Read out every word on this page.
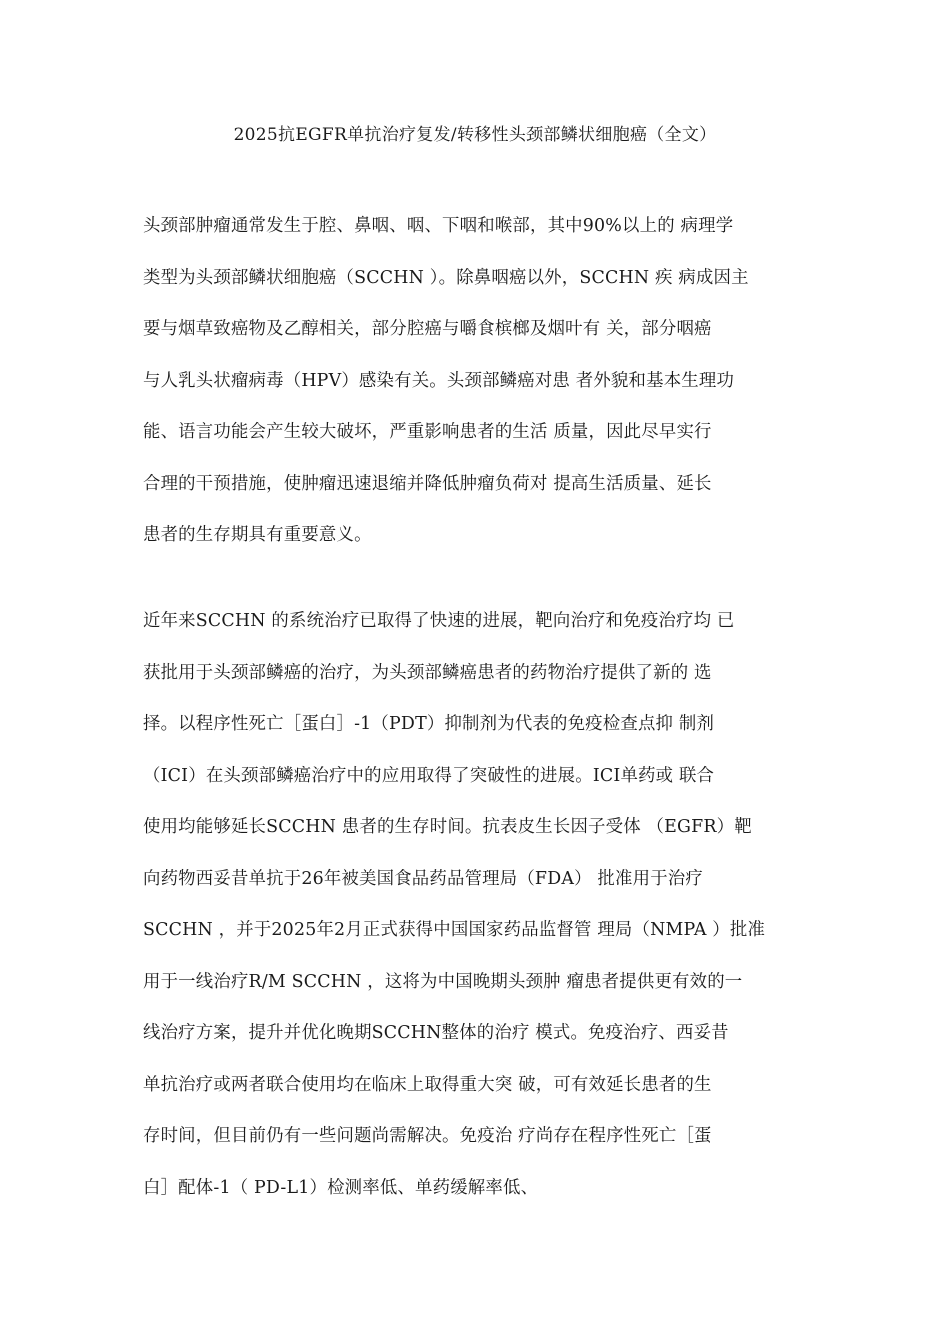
2025抗EGFR单抗治疗复发/转移性头颈部鳞状细胞癌（全文）
头颈部肿瘤通常发生于腔、鼻咽、咽、下咽和喉部，其中90%以上的 病理学
类型为头颈部鳞状细胞癌（SCCHN ）。除鼻咽癌以外，SCCHN 疾 病成因主
要与烟草致癌物及乙醇相关，部分腔癌与嚼食槟榔及烟叶有 关，部分咽癌
与人乳头状瘤病毒（HPV）感染有关。头颈部鳞癌对患 者外貌和基本生理功
能、语言功能会产生较大破坏，严重影响患者的生活 质量，因此尽早实行
合理的干预措施，使肿瘤迅速退缩并降低肿瘤负荷对 提高生活质量、延长
患者的生存期具有重要意义。
近年来SCCHN 的系统治疗已取得了快速的进展，靶向治疗和免疫治疗均 已
获批用于头颈部鳞癌的治疗，为头颈部鳞癌患者的药物治疗提供了新的 选
择。以程序性死亡［蛋白］-1（PDT）抑制剂为代表的免疫检查点抑 制剂
（ICI）在头颈部鳞癌治疗中的应用取得了突破性的进展。ICI单药或 联合
使用均能够延长SCCHN 患者的生存时间。抗表皮生长因子受体 （EGFR）靶
向药物西妥昔单抗于26年被美国食品药品管理局（FDA） 批准用于治疗
SCCHN ，并于2025年2月正式获得中国国家药品监督管 理局（NMPA ）批准
用于一线治疗R/M SCCHN ，这将为中国晚期头颈肿 瘤患者提供更有效的一
线治疗方案，提升并优化晚期SCCHN整体的治疗 模式。免疫治疗、西妥昔
单抗治疗或两者联合使用均在临床上取得重大突 破，可有效延长患者的生
存时间，但目前仍有一些问题尚需解决。免疫治 疗尚存在程序性死亡［蛋
白］配体-1（ PD-L1）检测率低、单药缓解率低、
